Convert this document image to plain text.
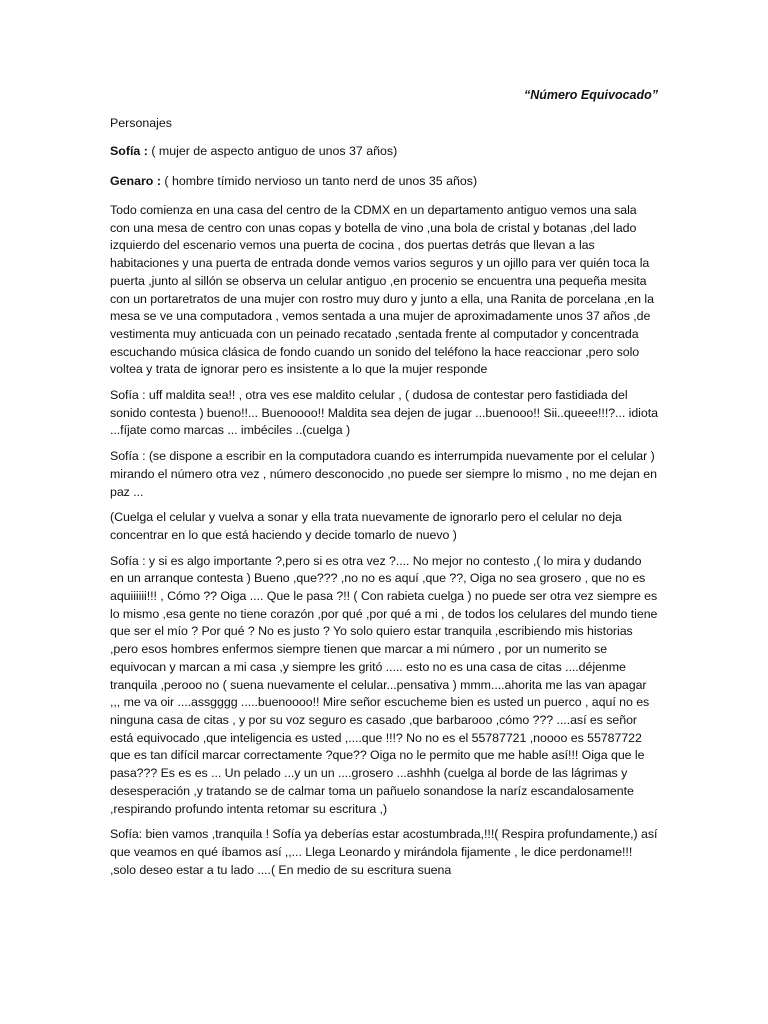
“Número Equivocado”
Personajes
Sofía : ( mujer de aspecto antiguo de unos 37 años)
Genaro : ( hombre tímido nervioso un tanto nerd de unos 35 años)

Todo comienza en una casa del centro de la CDMX en un departamento antiguo vemos una sala con una mesa de centro con unas copas y botella de vino ,una bola de cristal y botanas ,del lado izquierdo del escenario vemos una puerta de cocina , dos puertas detrás que llevan a las habitaciones y una puerta de entrada donde vemos varios seguros y un ojillo para ver quién toca la puerta ,junto al sillón se observa un celular antiguo ,en procenio se encuentra una pequeña mesita con un portaretratos de una mujer con rostro muy duro y junto a ella, una Ranita de porcelana ,en la mesa se ve una computadora , vemos sentada a una mujer de aproximadamente unos 37 años ,de vestimenta muy anticuada con un peinado recatado ,sentada frente al computador y concentrada escuchando música clásica de fondo cuando un sonido del teléfono la hace reaccionar ,pero solo voltea y trata de ignorar pero es insistente a lo que la mujer responde

Sofía : uff maldita sea!! , otra ves ese maldito celular , ( dudosa de contestar pero fastidiada del sonido contesta ) bueno!!... Buenoooo!! Maldita sea dejen de jugar ...buenooo!! Sii..queee!!!?... idiota ...fíjate como marcas ... imbéciles ..(cuelga )

Sofía : (se dispone a escribir en la computadora cuando es interrumpida nuevamente por el celular ) mirando el número otra vez , número desconocido ,no puede ser siempre lo mismo , no me dejan en paz ...

(Cuelga el celular y vuelva a sonar y ella trata nuevamente de ignorarlo pero el celular no deja concentrar en lo que está haciendo y decide tomarlo de nuevo )

Sofía : y si es algo importante ?,pero si es otra vez ?.... No mejor no contesto ,( lo mira y dudando en un arranque contesta ) Bueno ,que??? ,no no es aquí ,que ??, Oiga no sea grosero , que no es aquiiiiii!!! , Cómo ?? Oiga .... Que le pasa ?!! ( Con rabieta cuelga ) no puede ser otra vez siempre es lo mismo ,esa gente no tiene corazón ,por qué ,por qué a mi , de todos los celulares del mundo tiene que ser el mío ? Por qué ? No es justo ? Yo solo quiero estar tranquila ,escribiendo mis historias ,pero esos hombres enfermos siempre tienen que marcar a mi número , por un numerito se equivocan y marcan a mi casa ,y siempre les gritó ..... esto no es una casa de citas ....déjenme tranquila ,perooo no ( suena nuevamente el celular...pensativa ) mmm....ahorita me las van apagar ,,, me va oir ....assgggg .....buenoooo!! Mire señor escucheme bien es usted un puerco , aquí no es ninguna casa de citas , y por su voz seguro es casado ,que barbarooo ,cómo ??? ....así es señor está equivocado ,que inteligencia es usted ,....que !!!? No no es el 55787721 ,noooo es 55787722 que es tan difícil marcar correctamente ?que?? Oiga no le permito que me hable así!!! Oiga que le pasa??? Es es es ... Un pelado ...y un un ....grosero ...ashhh (cuelga al borde de las lágrimas y desesperación ,y tratando se de calmar toma un pañuelo sonandose la naríz escandalosamente ,respirando profundo intenta retomar su escritura ,)

Sofía: bien vamos ,tranquila ! Sofía ya deberías estar acostumbrada,!!!( Respira profundamente,) así que veamos en qué íbamos así ,,... Llega Leonardo y mirándola fijamente , le dice perdoname!!! ,solo deseo estar a tu lado ....( En medio de su escritura suena
